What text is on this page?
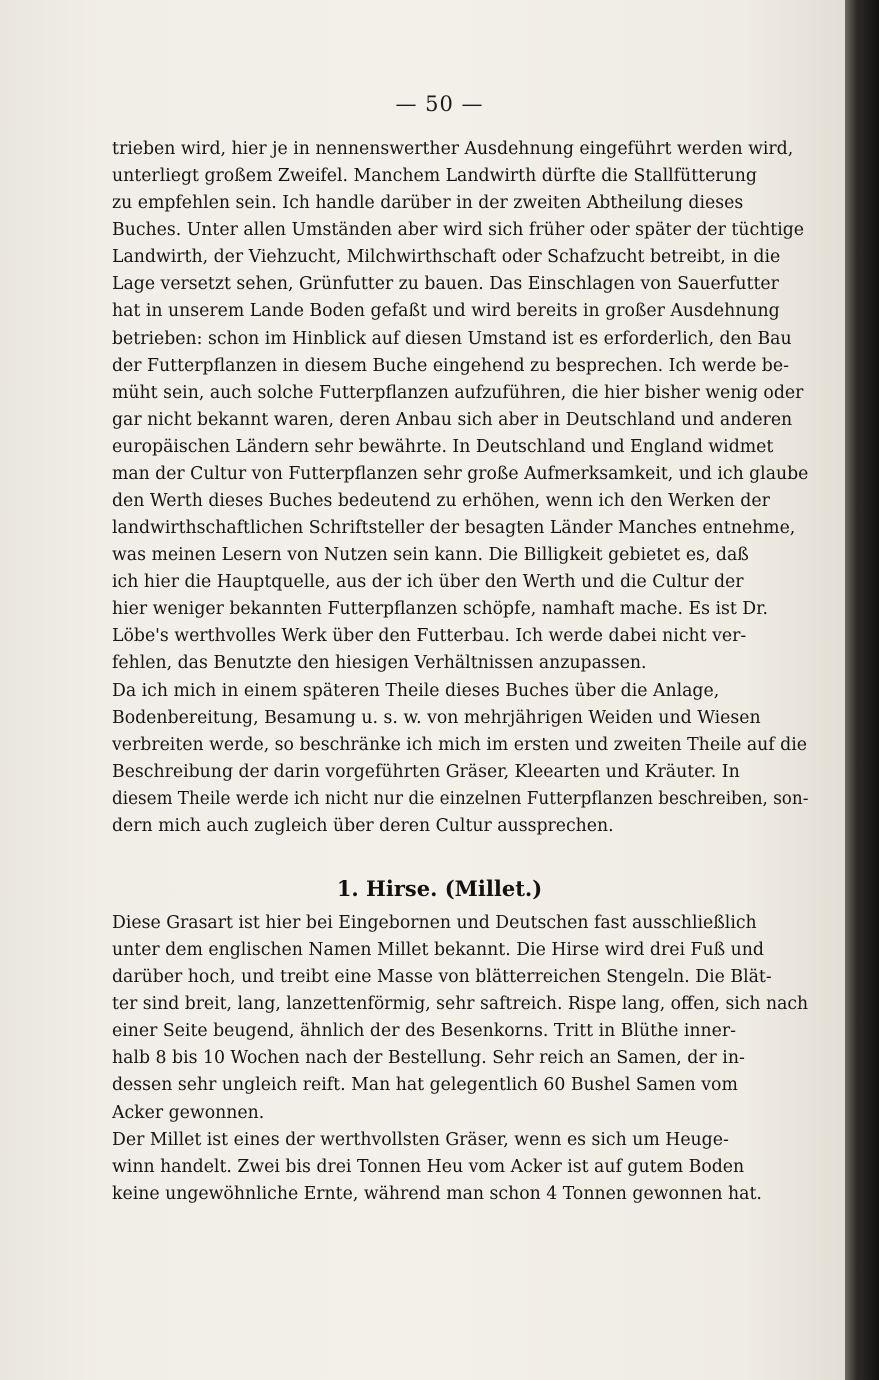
— 50 —
trieben wird, hier je in nennenswerther Ausdehnung eingeführt werden wird,
unterliegt großem Zweifel. Manchem Landwirth dürfte die Stallfütterung
zu empfehlen sein. Ich handle darüber in der zweiten Abtheilung dieses
Buches. Unter allen Umständen aber wird sich früher oder später der tüchtige
Landwirth, der Viehzucht, Milchwirthschaft oder Schafzucht betreibt, in die
Lage versetzt sehen, Grünfutter zu bauen. Das Einschlagen von Sauerfutter
hat in unserem Lande Boden gefaßt und wird bereits in großer Ausdehnung
betrieben: schon im Hinblick auf diesen Umstand ist es erforderlich, den Bau
der Futterpflanzen in diesem Buche eingehend zu besprechen. Ich werde be-
müht sein, auch solche Futterpflanzen aufzuführen, die hier bisher wenig oder
gar nicht bekannt waren, deren Anbau sich aber in Deutschland und anderen
europäischen Ländern sehr bewährte. In Deutschland und England widmet
man der Cultur von Futterpflanzen sehr große Aufmerksamkeit, und ich glaube
den Werth dieses Buches bedeutend zu erhöhen, wenn ich den Werken der
landwirthschaftlichen Schriftsteller der besagten Länder Manches entnehme,
was meinen Lesern von Nutzen sein kann. Die Billigkeit gebietet es, daß
ich hier die Hauptquelle, aus der ich über den Werth und die Cultur der
hier weniger bekannten Futterpflanzen schöpfe, namhaft mache. Es ist Dr.
Löbe's werthvolles Werk über den Futterbau. Ich werde dabei nicht ver-
fehlen, das Benutzte den hiesigen Verhältnissen anzupassen.
Da ich mich in einem späteren Theile dieses Buches über die Anlage,
Bodenbereitung, Besamung u. s. w. von mehrjährigen Weiden und Wiesen
verbreiten werde, so beschränke ich mich im ersten und zweiten Theile auf die
Beschreibung der darin vorgeführten Gräser, Kleearten und Kräuter. In
diesem Theile werde ich nicht nur die einzelnen Futterpflanzen beschreiben, son-
dern mich auch zugleich über deren Cultur aussprechen.
1. Hirse. (Millet.)
Diese Grasart ist hier bei Eingebornen und Deutschen fast ausschließlich
unter dem englischen Namen Millet bekannt. Die Hirse wird drei Fuß und
darüber hoch, und treibt eine Masse von blätterreichen Stengeln. Die Blät-
ter sind breit, lang, lanzettenförmig, sehr saftreich. Rispe lang, offen, sich nach
einer Seite beugend, ähnlich der des Besenkorns. Tritt in Blüthe inner-
halb 8 bis 10 Wochen nach der Bestellung. Sehr reich an Samen, der in-
dessen sehr ungleich reift. Man hat gelegentlich 60 Bushel Samen vom
Acker gewonnen.
Der Millet ist eines der werthvollsten Gräser, wenn es sich um Heuge-
winn handelt. Zwei bis drei Tonnen Heu vom Acker ist auf gutem Boden
keine ungewöhnliche Ernte, während man schon 4 Tonnen gewonnen hat.
